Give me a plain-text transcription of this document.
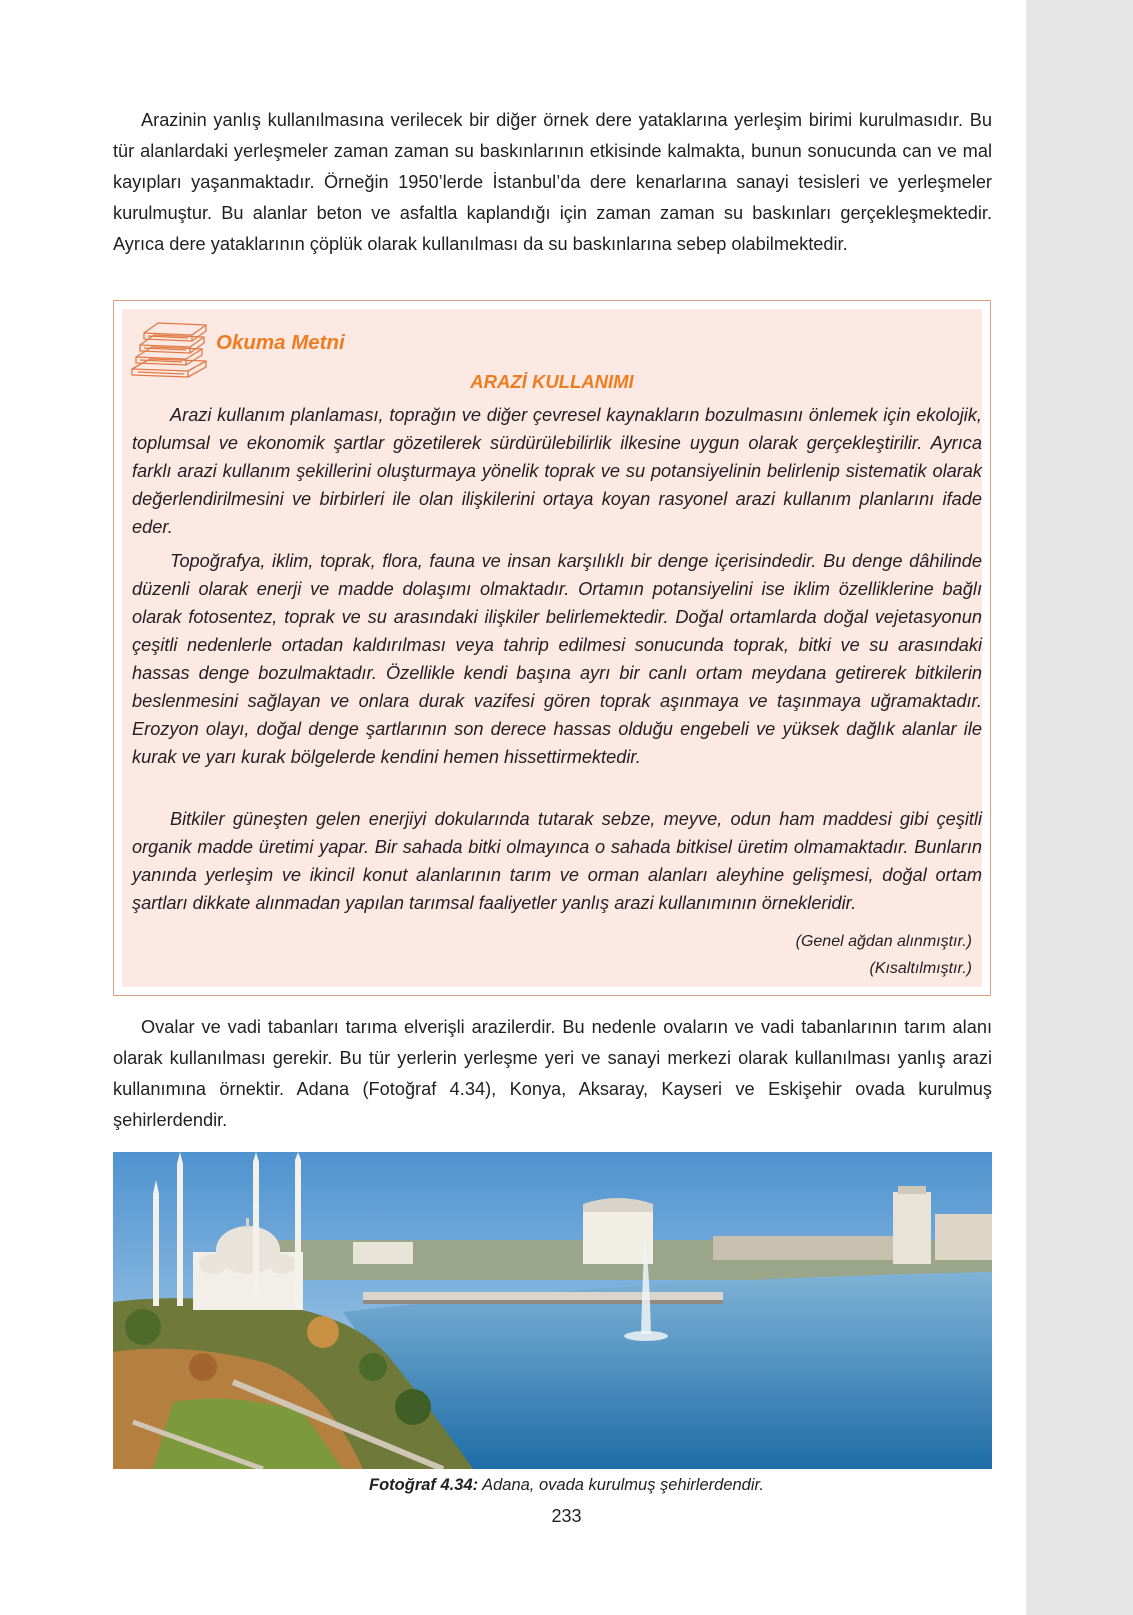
Arazinin yanlış kullanılmasına verilecek bir diğer örnek dere yataklarına yerleşim birimi kurulmasıdır. Bu tür alanlardaki yerleşmeler zaman zaman su baskınlarının etkisinde kalmakta, bunun sonucunda can ve mal kayıpları yaşanmaktadır. Örneğin 1950’lerde İstanbul’da dere kenarlarına sanayi tesisleri ve yerleşmeler kurulmuştur. Bu alanlar beton ve asfaltla kaplandığı için zaman zaman su baskınları gerçekleşmektedir. Ayrıca dere yataklarının çöplük olarak kullanılması da su baskınlarına sebep olabilmektedir.

Okuma Metni
ARAZİ KULLANIMI

Arazi kullanım planlaması, toprağın ve diğer çevresel kaynakların bozulmasını önlemek için ekolojik, toplumsal ve ekonomik şartlar gözetilerek sürdürülebilirlik ilkesine uygun olarak gerçekleştirilir. Ayrıca farklı arazi kullanım şekillerini oluşturmaya yönelik toprak ve su potansiyelinin belirlenip sistematik olarak değerlendirilmesini ve birbirleri ile olan ilişkilerini ortaya koyan rasyonel arazi kullanım planlarını ifade eder.

Topoğrafya, iklim, toprak, flora, fauna ve insan karşılıklı bir denge içerisindedir. Bu denge dâhilinde düzenli olarak enerji ve madde dolaşımı olmaktadır. Ortamın potansiyelini ise iklim özelliklerine bağlı olarak fotosentez, toprak ve su arasındaki ilişkiler belirlemektedir. Doğal ortamlarda doğal vejetasyonun çeşitli nedenlerle ortadan kaldırılması veya tahrip edilmesi sonucunda toprak, bitki ve su arasındaki hassas denge bozulmaktadır. Özellikle kendi başına ayrı bir canlı ortam meydana getirerek bitkilerin beslenmesini sağlayan ve onlara durak vazifesi gören toprak aşınmaya ve taşınmaya uğramaktadır. Erozyon olayı, doğal denge şartlarının son derece hassas olduğu engebeli ve yüksek dağlık alanlar ile kurak ve yarı kurak bölgelerde kendini hemen hissettirmektedir.

Bitkiler güneşten gelen enerjiyi dokularında tutarak sebze, meyve, odun ham maddesi gibi çeşitli organik madde üretimi yapar. Bir sahada bitki olmayınca o sahada bitkisel üretim olmamaktadır. Bunların yanında yerleşim ve ikincil konut alanlarının tarım ve orman alanları aleyhine gelişmesi, doğal ortam şartları dikkate alınmadan yapılan tarımsal faaliyetler yanlış arazi kullanımının örnekleridir.

(Genel ağdan alınmıştır.)
(Kısaltılmıştır.)

Ovalar ve vadi tabanları tarıma elverişli arazilerdir. Bu nedenle ovaların ve vadi tabanlarının tarım alanı olarak kullanılması gerekir. Bu tür yerlerin yerleşme yeri ve sanayi merkezi olarak kullanılması yanlış arazi kullanımına örnektir. Adana (Fotoğraf 4.34), Konya, Aksaray, Kayseri ve Eskişehir ovada kurulmuş şehirlerdendir.

Fotoğraf 4.34: Adana, ovada kurulmuş şehirlerdendir.
233
